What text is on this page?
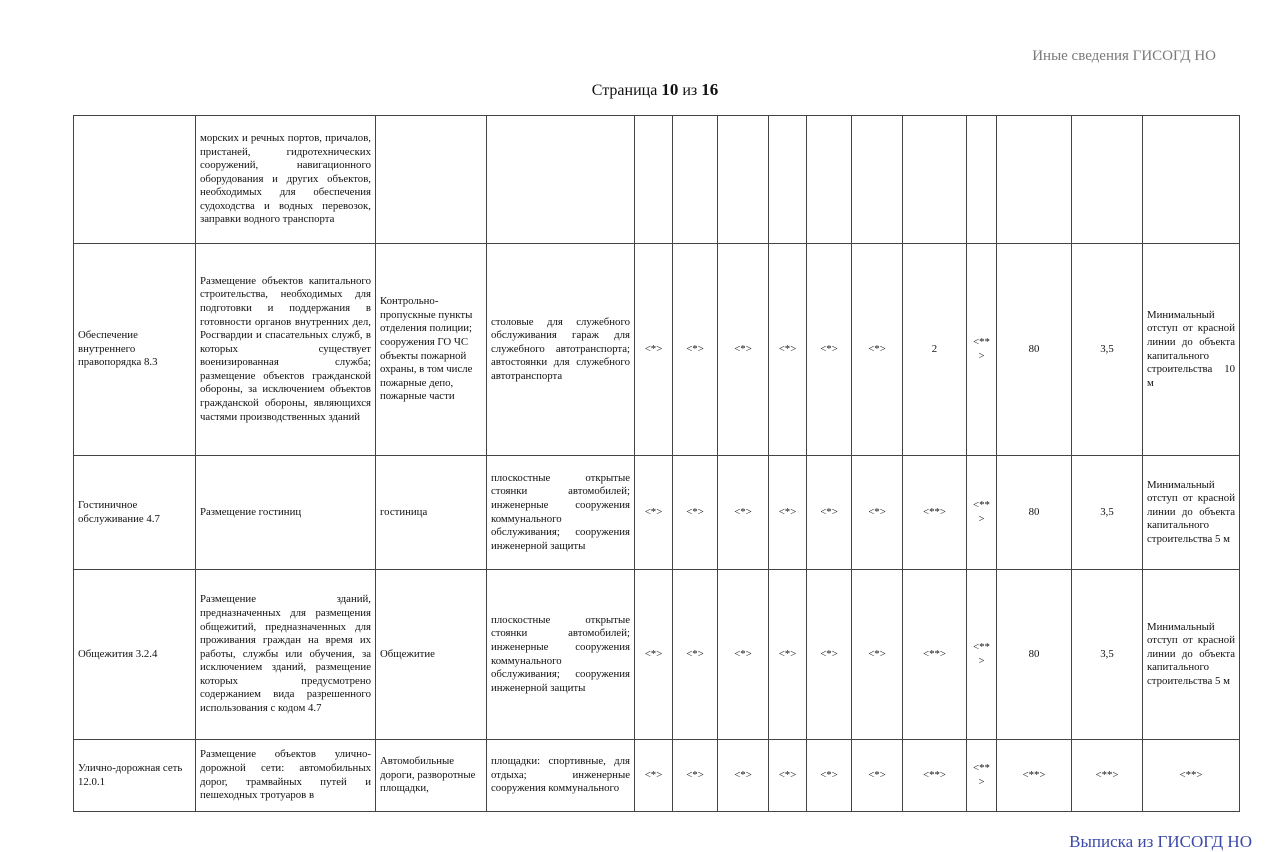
Иные сведения ГИСОГД НО
Страница 10 из 16
	морских и речных портов, причалов, пристаней, гидротехнических сооружений, навигационного оборудования и других объектов, необходимых для обеспечения судоходства и водных перевозок, заправки водного транспорта													
Обеспечение внутреннего правопорядка 8.3	Размещение объектов капитального строительства, необходимых для подготовки и поддержания в готовности органов внутренних дел, Росгвардии и спасательных служб, в которых существует военизированная служба; размещение объектов гражданской обороны, за исключением объектов гражданской обороны, являющихся частями производственных зданий	Контрольно-пропускные пункты отделения полиции; сооружения ГО ЧС объекты пожарной охраны, в том числе пожарные депо, пожарные части	столовые для служебного обслуживания гараж для служебного автотранспорта; автостоянки для служебного автотранспорта	<*>	<*>	<*>	<*>	<*>	<*>	2	<** >	80	3,5	Минимальный отступ от красной линии до объекта капитального строительства 10 м
Гостиничное обслуживание 4.7	Размещение гостиниц	гостиница	плоскостные открытые стоянки автомобилей; инженерные сооружения коммунального обслуживания; сооружения инженерной защиты	<*>	<*>	<*>	<*>	<*>	<*>	<**>	<** >	80	3,5	Минимальный отступ от красной линии до объекта капитального строительства 5 м
Общежития 3.2.4	Размещение зданий, предназначенных для размещения общежитий, предназначенных для проживания граждан на время их работы, службы или обучения, за исключением зданий, размещение которых предусмотрено содержанием вида разрешенного использования с кодом 4.7	Общежитие	плоскостные открытые стоянки автомобилей; инженерные сооружения коммунального обслуживания; сооружения инженерной защиты	<*>	<*>	<*>	<*>	<*>	<*>	<**>	<** >	80	3,5	Минимальный отступ от красной линии до объекта капитального строительства 5 м
Улично-дорожная сеть 12.0.1	Размещение объектов улично-дорожной сети: автомобильных дорог, трамвайных путей и пешеходных тротуаров в	Автомобильные дороги, разворотные площадки,	площадки: спортивные, для отдыха; инженерные сооружения коммунального	<*>	<*>	<*>	<*>	<*>	<*>	<**>	<** >	<**>	<**>	<**>
Выписка из ГИСОГД НО
